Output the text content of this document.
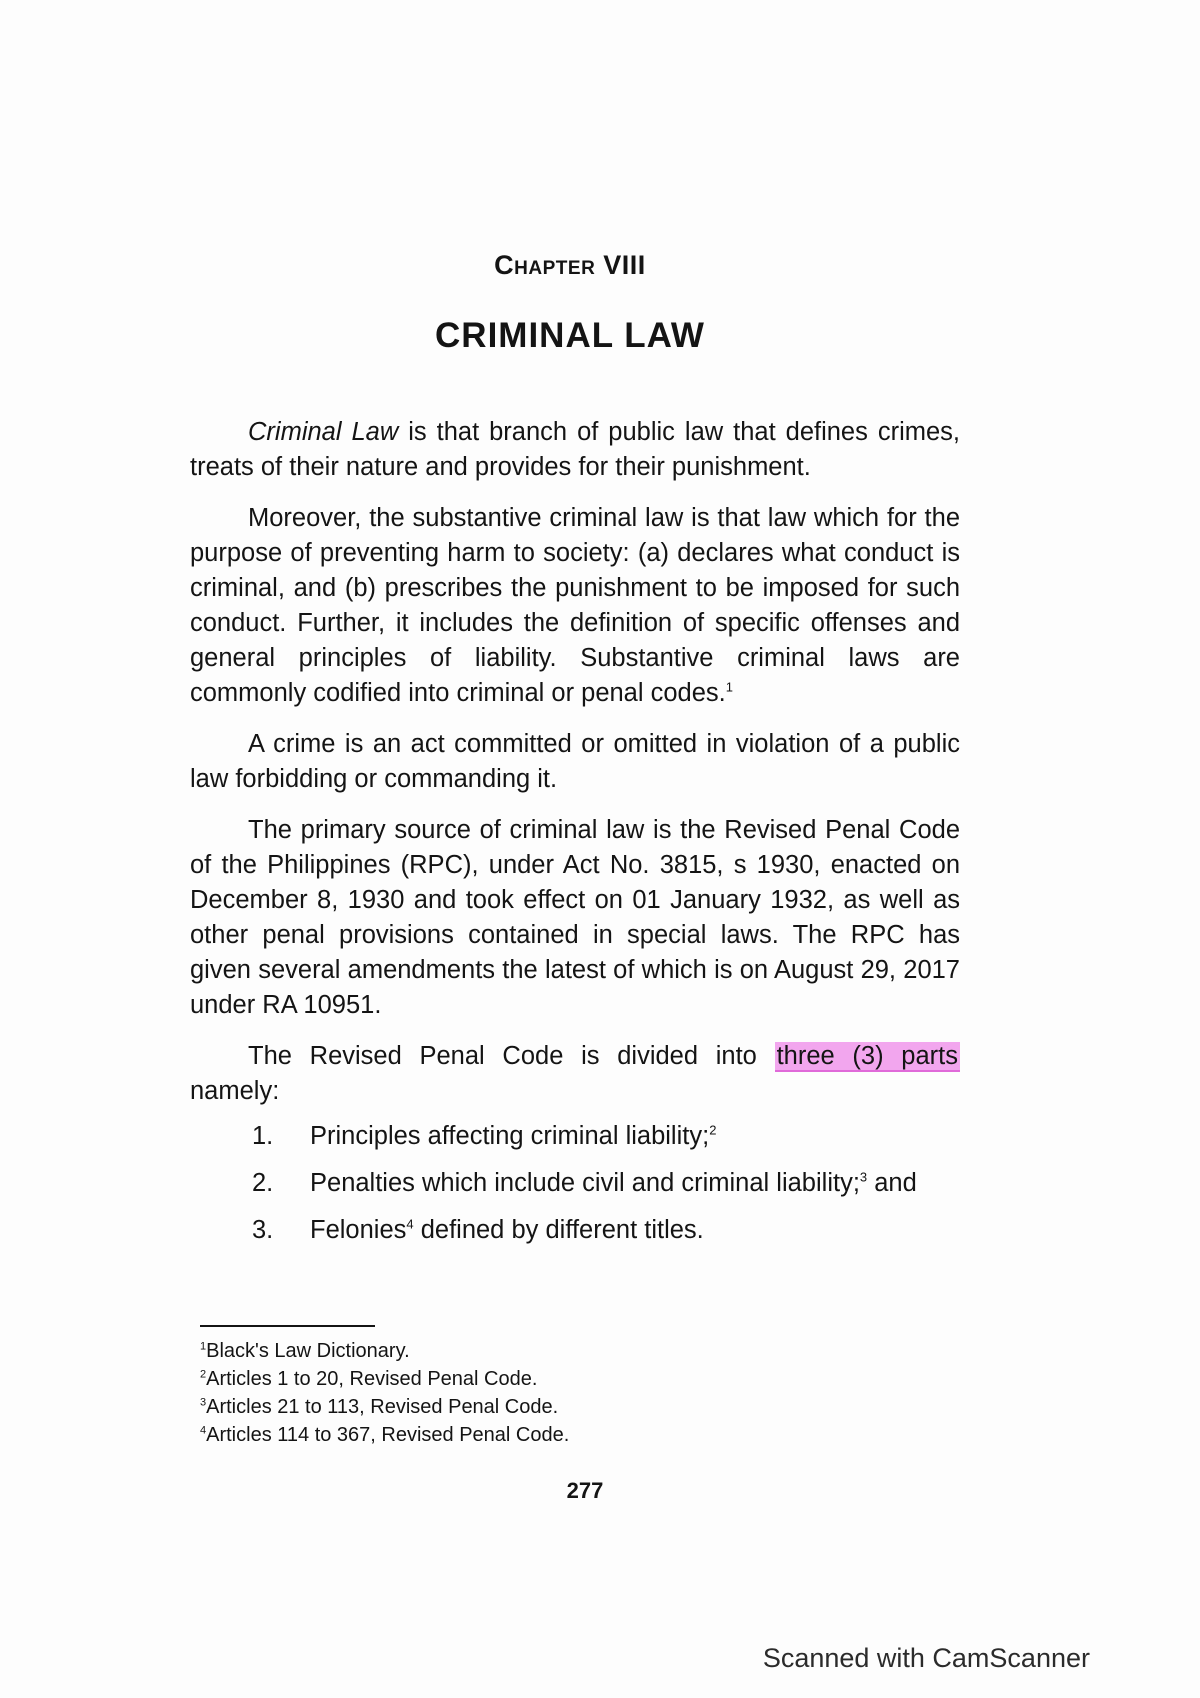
Chapter VIII
CRIMINAL LAW

Criminal Law is that branch of public law that defines crimes, treats of their nature and provides for their punishment.

Moreover, the substantive criminal law is that law which for the purpose of preventing harm to society: (a) declares what conduct is criminal, and (b) prescribes the punishment to be imposed for such conduct. Further, it includes the definition of specific offenses and general principles of liability. Substantive criminal laws are commonly codified into criminal or penal codes.$^1$

A crime is an act committed or omitted in violation of a public law forbidding or commanding it.

The primary source of criminal law is the Revised Penal Code of the Philippines (RPC), under Act No. 3815, s 1930, enacted on December 8, 1930 and took effect on 01 January 1932, as well as other penal provisions contained in special laws. The RPC has given several amendments the latest of which is on August 29, 2017 under RA 10951.

The Revised Penal Code is divided into three (3) parts namely:

1.	Principles affecting criminal liability;$^2$
2.	Penalties which include civil and criminal liability;$^3$ and
3.	Felonies$^4$ defined by different titles.
$^1$Black's Law Dictionary.
$^2$Articles 1 to 20, Revised Penal Code.
$^3$Articles 21 to 113, Revised Penal Code.
$^4$Articles 114 to 367, Revised Penal Code.
277
Scanned with CamScanner
